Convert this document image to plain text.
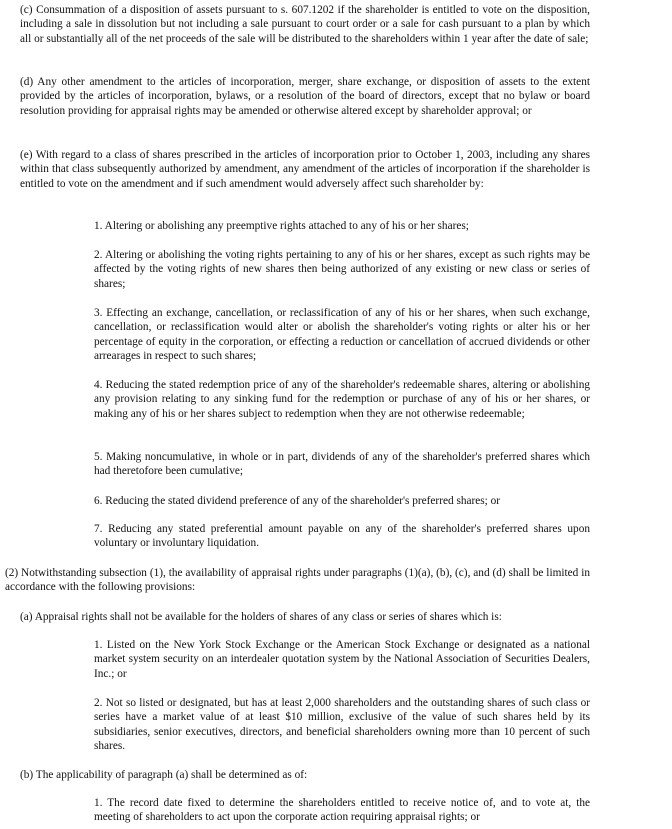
(c) Consummation of a disposition of assets pursuant to s. 607.1202 if the shareholder is entitled to vote on the disposition, including a sale in dissolution but not including a sale pursuant to court order or a sale for cash pursuant to a plan by which all or substantially all of the net proceeds of the sale will be distributed to the shareholders within 1 year after the date of sale;

(d) Any other amendment to the articles of incorporation, merger, share exchange, or disposition of assets to the extent provided by the articles of incorporation, bylaws, or a resolution of the board of directors, except that no bylaw or board resolution providing for appraisal rights may be amended or otherwise altered except by shareholder approval; or

(e) With regard to a class of shares prescribed in the articles of incorporation prior to October 1, 2003, including any shares within that class subsequently authorized by amendment, any amendment of the articles of incorporation if the shareholder is entitled to vote on the amendment and if such amendment would adversely affect such shareholder by:

1. Altering or abolishing any preemptive rights attached to any of his or her shares;

2. Altering or abolishing the voting rights pertaining to any of his or her shares, except as such rights may be affected by the voting rights of new shares then being authorized of any existing or new class or series of shares;

3. Effecting an exchange, cancellation, or reclassification of any of his or her shares, when such exchange, cancellation, or reclassification would alter or abolish the shareholder's voting rights or alter his or her percentage of equity in the corporation, or effecting a reduction or cancellation of accrued dividends or other arrearages in respect to such shares;

4. Reducing the stated redemption price of any of the shareholder's redeemable shares, altering or abolishing any provision relating to any sinking fund for the redemption or purchase of any of his or her shares, or making any of his or her shares subject to redemption when they are not otherwise redeemable;

5. Making noncumulative, in whole or in part, dividends of any of the shareholder's preferred shares which had theretofore been cumulative;

6. Reducing the stated dividend preference of any of the shareholder's preferred shares; or

7. Reducing any stated preferential amount payable on any of the shareholder's preferred shares upon voluntary or involuntary liquidation.

(2) Notwithstanding subsection (1), the availability of appraisal rights under paragraphs (1)(a), (b), (c), and (d) shall be limited in accordance with the following provisions:

(a) Appraisal rights shall not be available for the holders of shares of any class or series of shares which is:

1. Listed on the New York Stock Exchange or the American Stock Exchange or designated as a national market system security on an interdealer quotation system by the National Association of Securities Dealers, Inc.; or

2. Not so listed or designated, but has at least 2,000 shareholders and the outstanding shares of such class or series have a market value of at least $10 million, exclusive of the value of such shares held by its subsidiaries, senior executives, directors, and beneficial shareholders owning more than 10 percent of such shares.

(b) The applicability of paragraph (a) shall be determined as of:

1. The record date fixed to determine the shareholders entitled to receive notice of, and to vote at, the meeting of shareholders to act upon the corporate action requiring appraisal rights; or
